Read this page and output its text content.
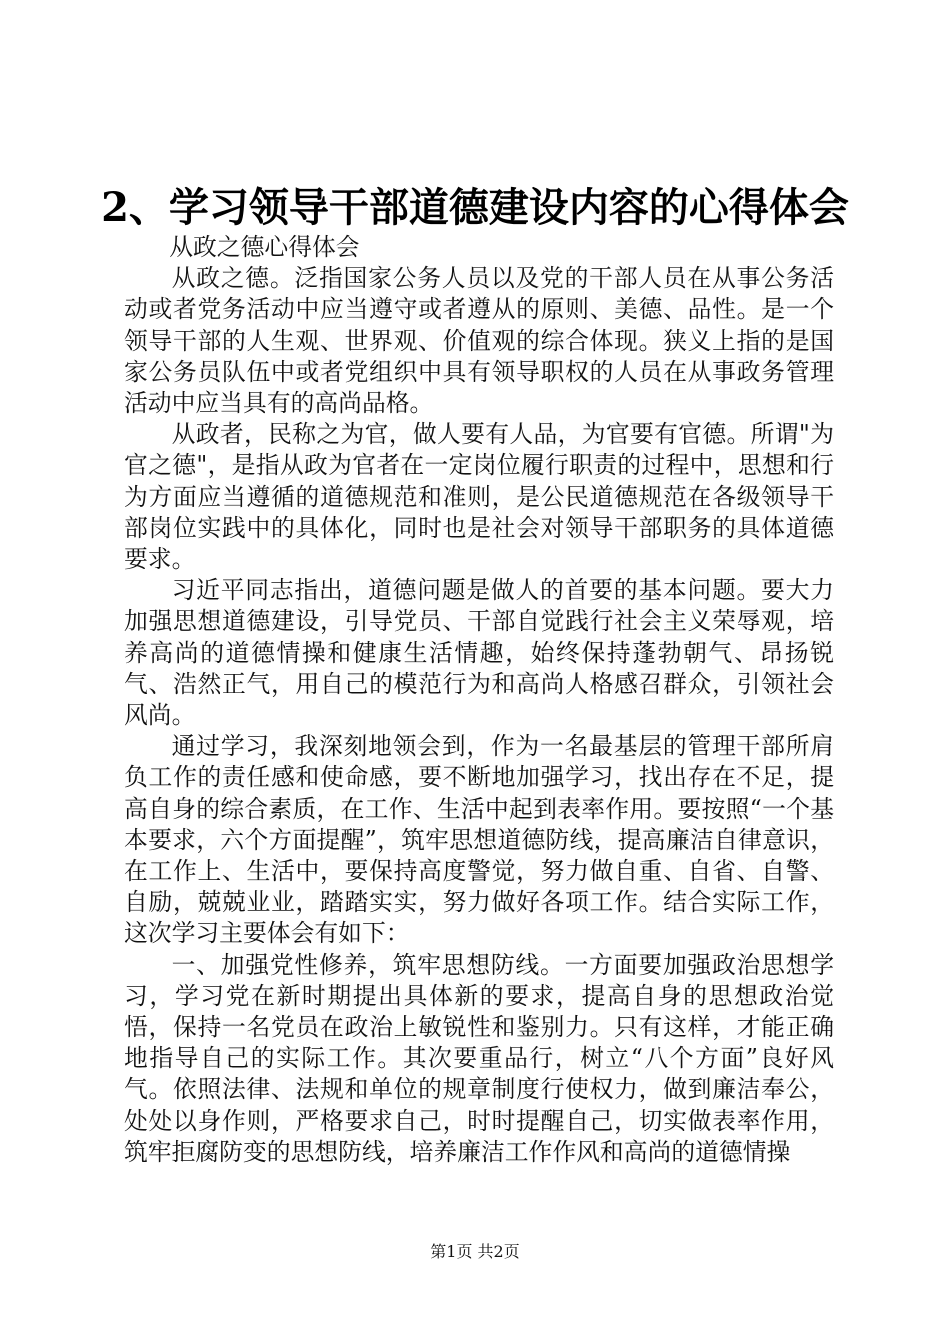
2、学习领导干部道德建设内容的心得体会

从政之德心得体会

从政之德。泛指国家公务人员以及党的干部人员在从事公务活动或者党务活动中应当遵守或者遵从的原则、美德、品性。是一个领导干部的人生观、世界观、价值观的综合体现。狭义上指的是国家公务员队伍中或者党组织中具有领导职权的人员在从事政务管理活动中应当具有的高尚品格。

从政者，民称之为官，做人要有人品，为官要有官德。所谓"为官之德"，是指从政为官者在一定岗位履行职责的过程中，思想和行为方面应当遵循的道德规范和准则，是公民道德规范在各级领导干部岗位实践中的具体化，同时也是社会对领导干部职务的具体道德要求。

习近平同志指出，道德问题是做人的首要的基本问题。要大力加强思想道德建设，引导党员、干部自觉践行社会主义荣辱观，培养高尚的道德情操和健康生活情趣，始终保持蓬勃朝气、昂扬锐气、浩然正气，用自己的模范行为和高尚人格感召群众，引领社会风尚。

通过学习，我深刻地领会到，作为一名最基层的管理干部所肩负工作的责任感和使命感，要不断地加强学习，找出存在不足，提高自身的综合素质，在工作、生活中起到表率作用。要按照“一个基本要求，六个方面提醒”，筑牢思想道德防线，提高廉洁自律意识，在工作上、生活中，要保持高度警觉，努力做自重、自省、自警、自励，兢兢业业，踏踏实实，努力做好各项工作。结合实际工作，这次学习主要体会有如下：

一、加强党性修养，筑牢思想防线。一方面要加强政治思想学习，学习党在新时期提出具体新的要求，提高自身的思想政治觉悟，保持一名党员在政治上敏锐性和鉴别力。只有这样，才能正确地指导自己的实际工作。其次要重品行，树立“八个方面”良好风气。依照法律、法规和单位的规章制度行使权力，做到廉洁奉公，处处以身作则，严格要求自己，时时提醒自己，切实做表率作用，筑牢拒腐防变的思想防线，培养廉洁工作作风和高尚的道德情操

第1页 共2页
